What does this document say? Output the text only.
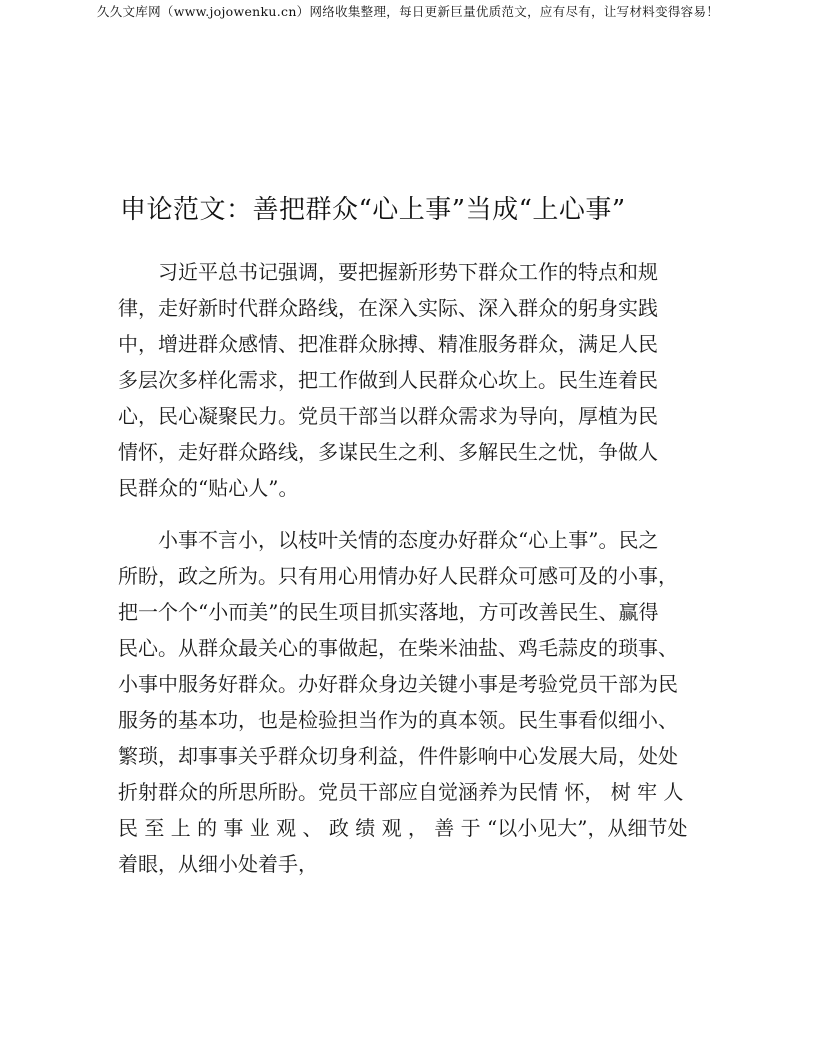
久久文库网（www.jojowenku.cn）网络收集整理，每日更新巨量优质范文，应有尽有，让写材料变得容易！
申论范文：善把群众“心上事”当成“上心事”
　　习近平总书记强调，要把握新形势下群众工作的特点和规
律，走好新时代群众路线，在深入实际、深入群众的躬身实践
中，增进群众感情、把准群众脉搏、精准服务群众，满足人民
多层次多样化需求，把工作做到人民群众心坎上。民生连着民
心，民心凝聚民力。党员干部当以群众需求为导向，厚植为民
情怀，走好群众路线，多谋民生之利、多解民生之忧，争做人
民群众的“贴心人”。
　　小事不言小，以枝叶关情的态度办好群众“心上事”。民之
所盼，政之所为。只有用心用情办好人民群众可感可及的小事，
把一个个“小而美”的民生项目抓实落地，方可改善民生、赢得
民心。从群众最关心的事做起，在柴米油盐、鸡毛蒜皮的琐事、
小事中服务好群众。办好群众身边关键小事是考验党员干部为民
服务的基本功，也是检验担当作为的真本领。民生事看似细小、
繁琐，却事事关乎群众切身利益，件件影响中心发展大局，处处
折射群众的所思所盼。党员干部应自觉涵养为民情 怀， 树 牢 人
民 至 上 的 事 业 观 、 政 绩 观 ， 善 于 “以小见大”，从细节处
着眼，从细小处着手，
